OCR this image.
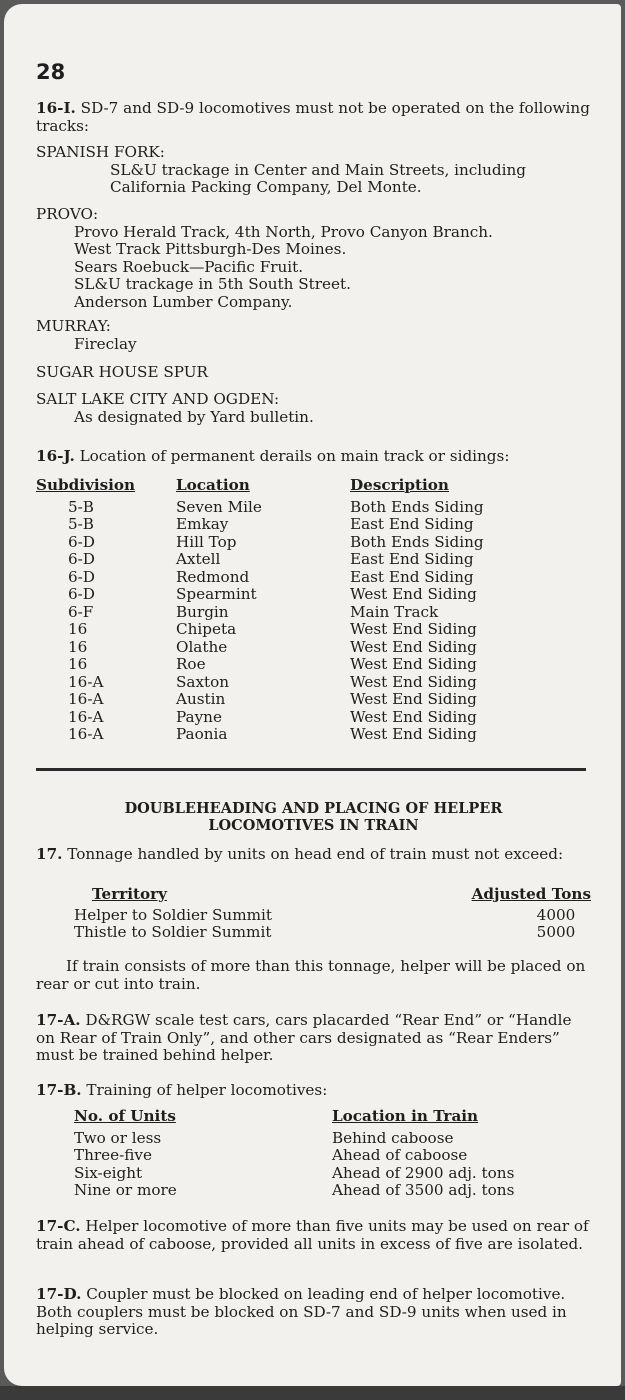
28

16-I. SD-7 and SD-9 locomotives must not be operated on the following tracks:

SPANISH FORK:

SL&U trackage in Center and Main Streets, including

California Packing Company, Del Monte.

PROVO:

Provo Herald Track, 4th North, Provo Canyon Branch.

West Track Pittsburgh-Des Moines.

Sears Roebuck—Pacific Fruit.

SL&U trackage in 5th South Street.

Anderson Lumber Company.

MURRAY:

Fireclay

SUGAR HOUSE SPUR

SALT LAKE CITY AND OGDEN:

As designated by Yard bulletin.

16-J. Location of permanent derails on main track or sidings:

Subdivision	Location	Description
5-B	Seven Mile	Both Ends Siding
5-B	Emkay	East End Siding
6-D	Hill Top	Both Ends Siding
6-D	Axtell	East End Siding
6-D	Redmond	East End Siding
6-D	Spearmint	West End Siding
6-F	Burgin	Main Track
16	Chipeta	West End Siding
16	Olathe	West End Siding
16	Roe	West End Siding
16-A	Saxton	West End Siding
16-A	Austin	West End Siding
16-A	Payne	West End Siding
16-A	Paonia	West End Siding

DOUBLEHEADING AND PLACING OF HELPER

LOCOMOTIVES IN TRAIN

17. Tonnage handled by units on head end of train must not exceed:

Territory	Adjusted Tons
Helper to Soldier Summit	4000
Thistle to Soldier Summit	5000

If train consists of more than this tonnage, helper will be placed on rear or cut into train.

17-A. D&RGW scale test cars, cars placarded “Rear End” or “Handle on Rear of Train Only”, and other cars designated as “Rear Enders” must be trained behind helper.

17-B. Training of helper locomotives:

No. of Units	Location in Train
Two or less	Behind caboose
Three-five	Ahead of caboose
Six-eight	Ahead of 2900 adj. tons
Nine or more	Ahead of 3500 adj. tons

17-C. Helper locomotive of more than five units may be used on rear of train ahead of caboose, provided all units in excess of five are isolated.

17-D. Coupler must be blocked on leading end of helper locomotive. Both couplers must be blocked on SD-7 and SD-9 units when used in helping service.
